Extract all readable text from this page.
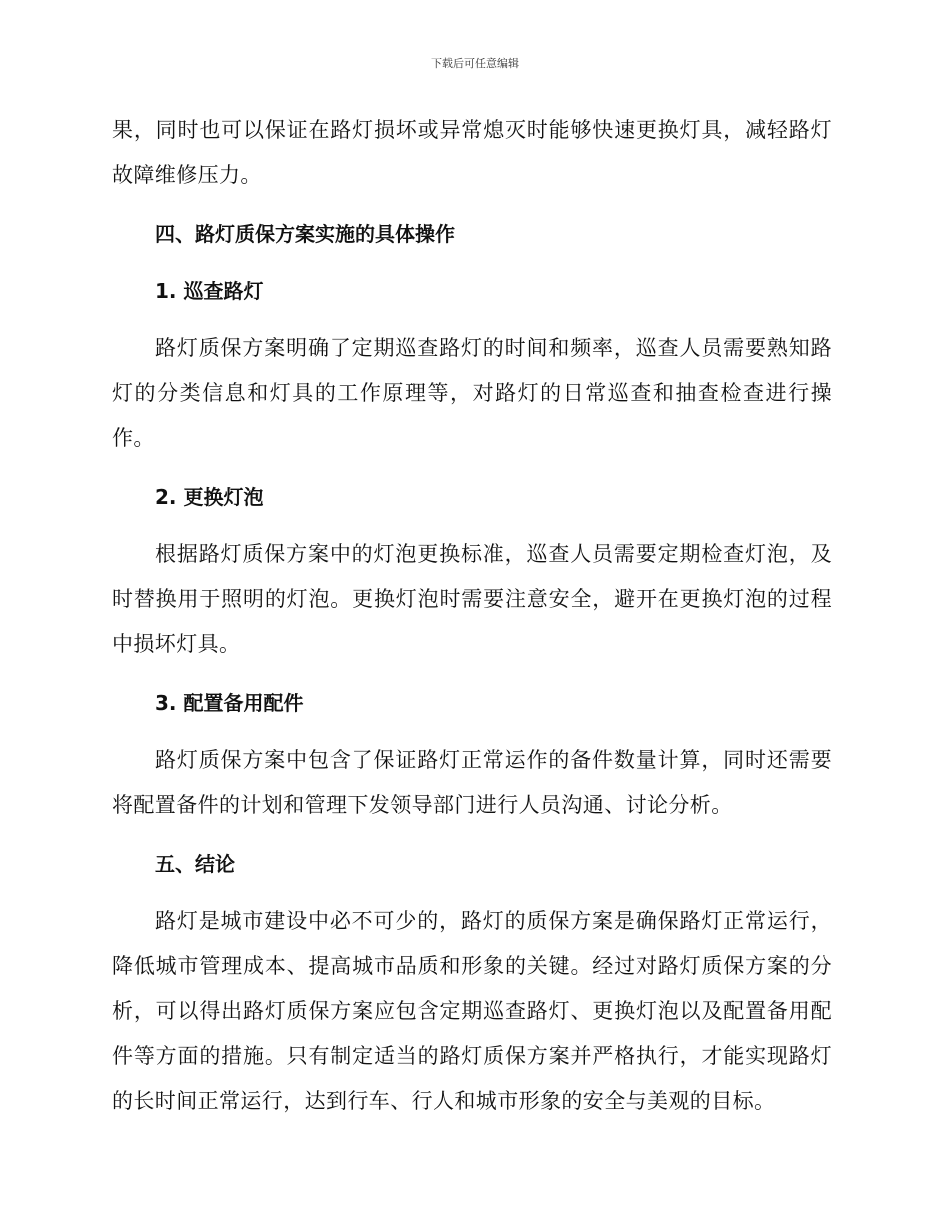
下载后可任意编辑

果，同时也可以保证在路灯损坏或异常熄灭时能够快速更换灯具，减轻路灯故障维修压力。

四、路灯质保方案实施的具体操作
1. 巡查路灯

路灯质保方案明确了定期巡查路灯的时间和频率，巡查人员需要熟知路灯的分类信息和灯具的工作原理等，对路灯的日常巡查和抽查检查进行操作。

2. 更换灯泡

根据路灯质保方案中的灯泡更换标准，巡查人员需要定期检查灯泡，及时替换用于照明的灯泡。更换灯泡时需要注意安全，避开在更换灯泡的过程中损坏灯具。

3. 配置备用配件

路灯质保方案中包含了保证路灯正常运作的备件数量计算，同时还需要将配置备件的计划和管理下发领导部门进行人员沟通、讨论分析。

五、结论

路灯是城市建设中必不可少的，路灯的质保方案是确保路灯正常运行，降低城市管理成本、提高城市品质和形象的关键。经过对路灯质保方案的分析，可以得出路灯质保方案应包含定期巡查路灯、更换灯泡以及配置备用配件等方面的措施。只有制定适当的路灯质保方案并严格执行，才能实现路灯的长时间正常运行，达到行车、行人和城市形象的安全与美观的目标。
